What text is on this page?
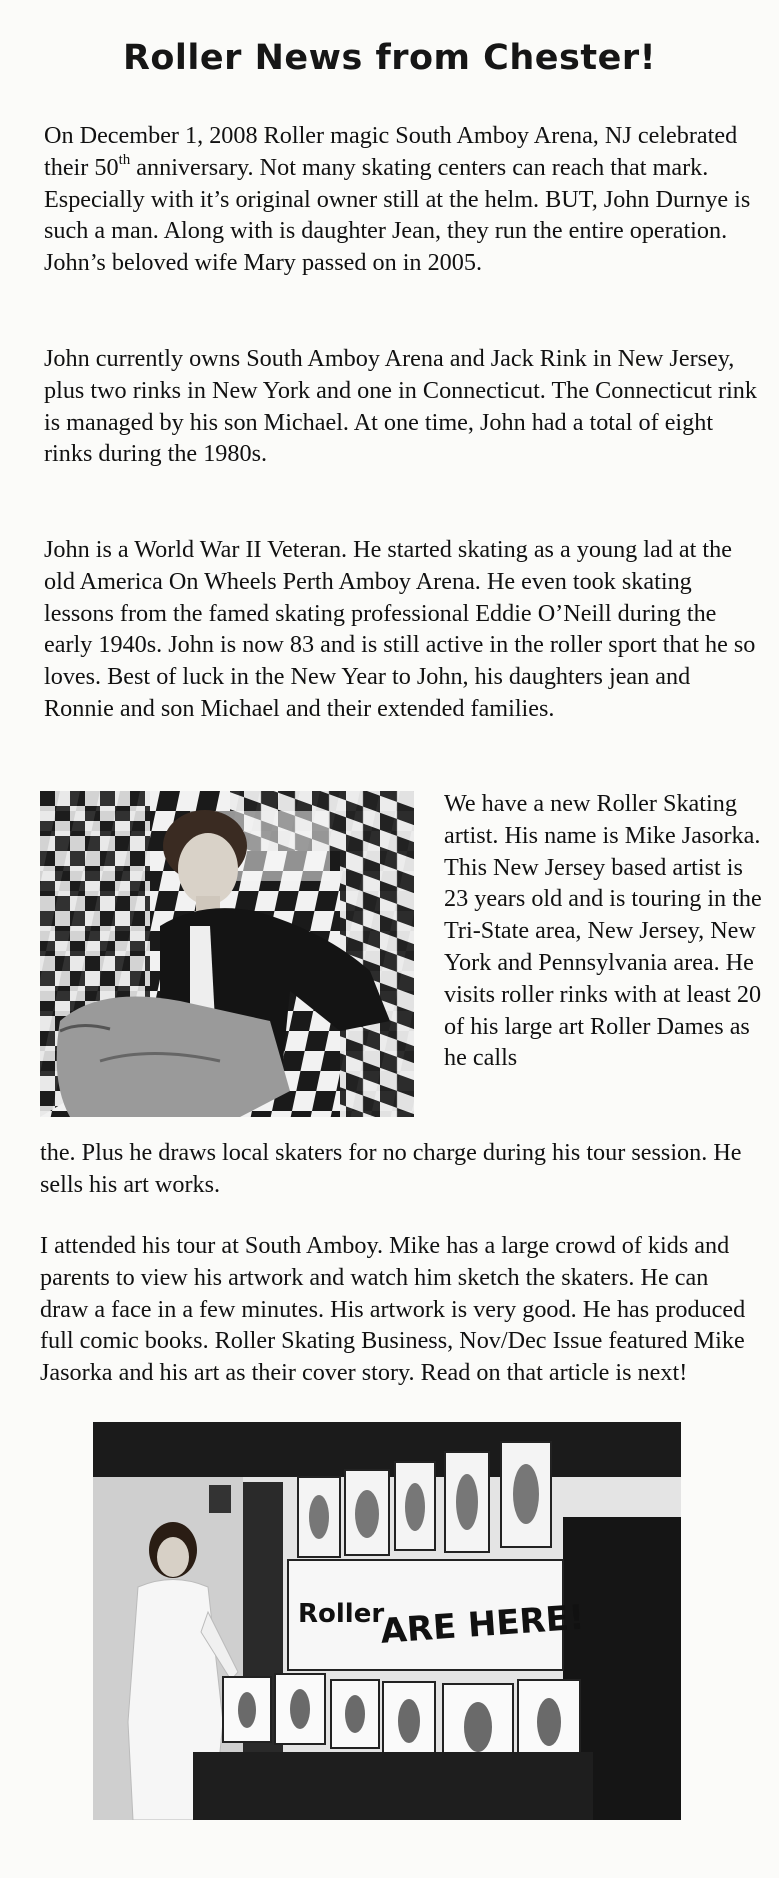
Roller News from Chester!

On December 1, 2008 Roller magic South Amboy Arena, NJ celebrated their 50th anniversary. Not many skating centers can reach that mark. Especially with it’s original owner still at the helm. BUT, John Durnye is such a man. Along with is daughter Jean, they run the entire operation. John’s beloved wife Mary passed on in 2005.

John currently owns South Amboy Arena and Jack Rink in New Jersey, plus two rinks in New York and one in Connecticut. The Connecticut rink is managed by his son Michael. At one time, John had a total of eight rinks during the 1980s.

John is a World War II Veteran. He started skating as a young lad at the old America On Wheels Perth Amboy Arena. He even took skating lessons from the famed skating professional Eddie O’Neill during the early 1940s. John is now 83 and is still active in the roller sport that he so loves. Best of luck in the New Year to John, his daughters jean and Ronnie and son Michael and their extended families.

We have a new Roller Skating artist. His name is Mike Jasorka. This New Jersey based artist is 23 years old and is touring in the Tri-State area, New Jersey, New York and Pennsylvania area. He visits roller rinks with at least 20 of his large art Roller Dames as he calls

the. Plus he draws local skaters for no charge during his tour session. He sells his art works.

I attended his tour at South Amboy. Mike has a large crowd of kids and parents to view his artwork and watch him sketch the skaters. He can draw a face in a few minutes. His artwork is very good. He has produced full comic books. Roller Skating Business, Nov/Dec Issue featured Mike Jasorka and his art as their cover story. Read on that article is next!

Roller
ARE HERE!
